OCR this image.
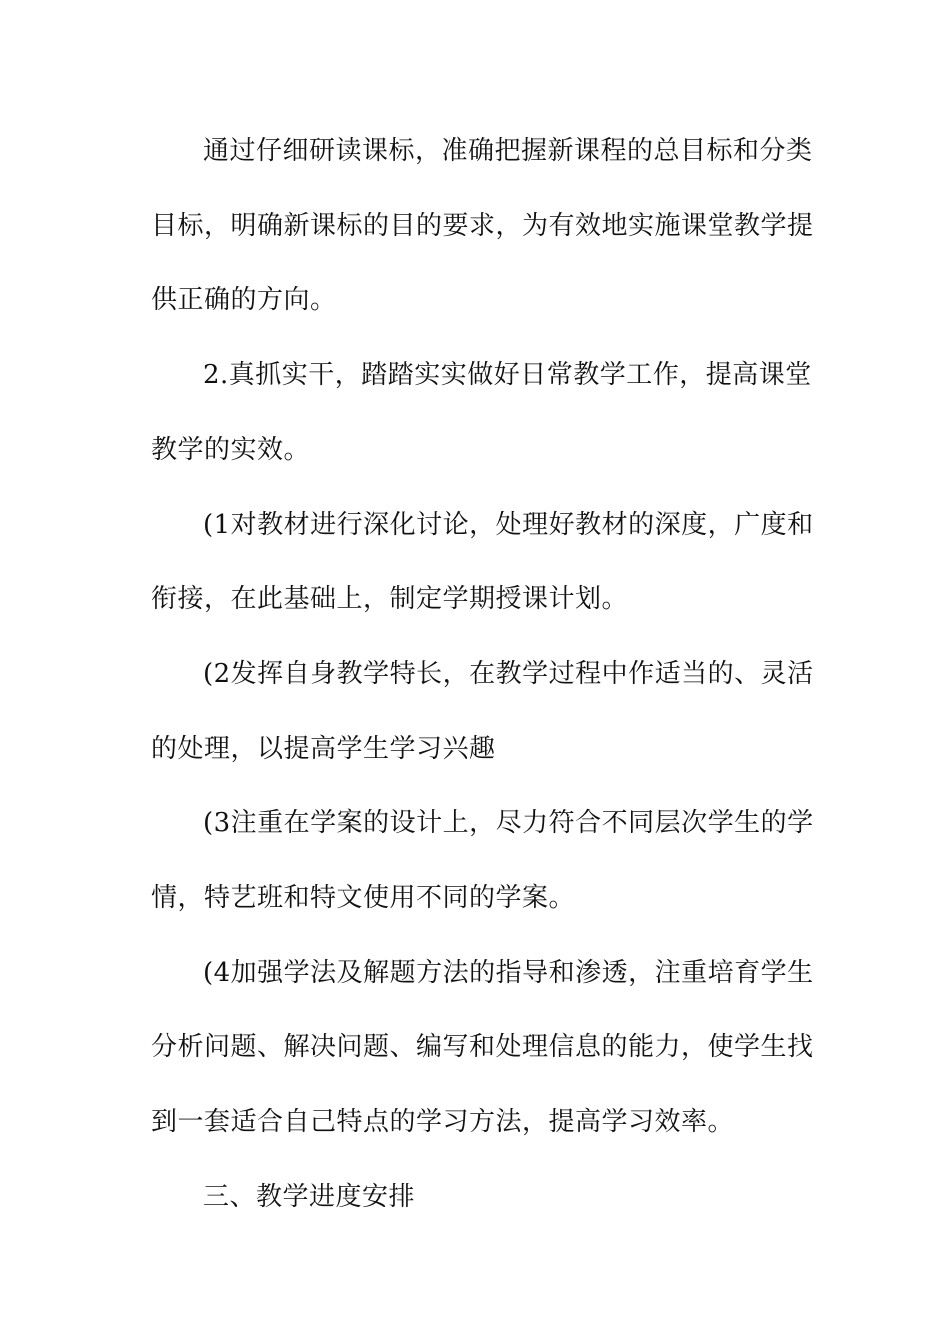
通过仔细研读课标，准确把握新课程的总目标和分类
目标，明确新课标的目的要求，为有效地实施课堂教学提
供正确的方向。

2.真抓实干，踏踏实实做好日常教学工作，提高课堂
教学的实效。

(1对教材进行深化讨论，处理好教材的深度，广度和
衔接，在此基础上，制定学期授课计划。

(2发挥自身教学特长，在教学过程中作适当的、灵活
的处理，以提高学生学习兴趣

(3注重在学案的设计上，尽力符合不同层次学生的学
情，特艺班和特文使用不同的学案。

(4加强学法及解题方法的指导和渗透，注重培育学生
分析问题、解决问题、编写和处理信息的能力，使学生找
到一套适合自己特点的学习方法，提高学习效率。

三、教学进度安排
